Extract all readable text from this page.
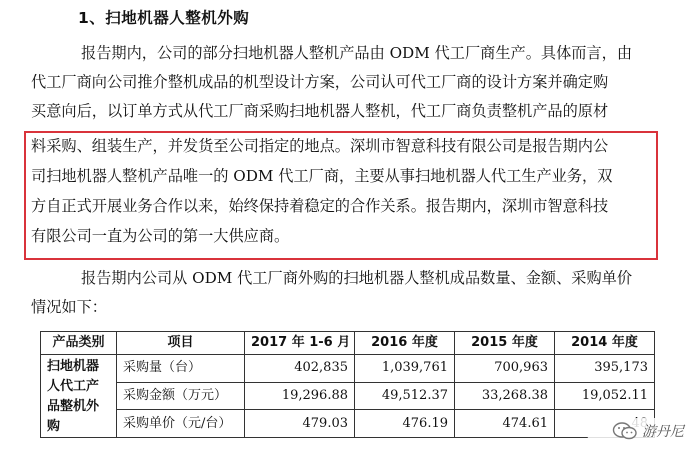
1、扫地机器人整机外购
报告期内，公司的部分扫地机器人整机产品由 ODM 代工厂商生产。具体而言，由
代工厂商向公司推介整机成品的机型设计方案，公司认可代工厂商的设计方案并确定购
买意向后，以订单方式从代工厂商采购扫地机器人整机，代工厂商负责整机产品的原材
料采购、组装生产，并发货至公司指定的地点。深圳市智意科技有限公司是报告期内公
司扫地机器人整机产品唯一的 ODM 代工厂商，主要从事扫地机器人代工生产业务，双
方自正式开展业务合作以来，始终保持着稳定的合作关系。报告期内，深圳市智意科技
有限公司一直为公司的第一大供应商。
报告期内公司从 ODM 代工厂商外购的扫地机器人整机成品数量、金额、采购单价
情况如下：
产品类别	项目	2017 年 1-6 月	2016 年度	2015 年度	2014 年度
扫地机器人代工产品整机外购	采购量（台）	402,835	1,039,761	700,963	395,173
	采购金额（万元）	19,296.88	49,512.37	33,268.38	19,052.11
	采购单价（元/台）	479.03	476.19	474.61	
游丹尼
